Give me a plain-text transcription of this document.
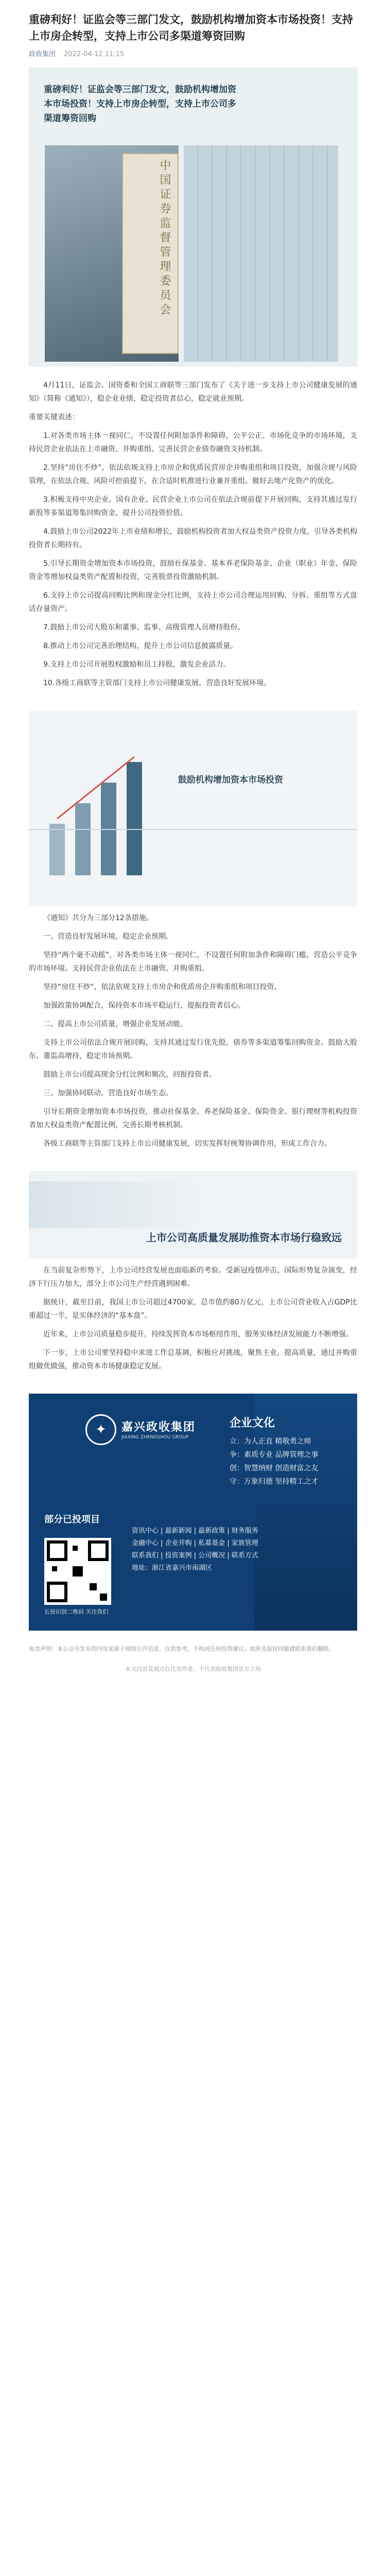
重磅利好！证监会等三部门发文，鼓励机构增加资本市场投资！支持上市房企转型，支持上市公司多渠道筹资回购
政收集团 2022-04-12 11:15
中国证券监督管理委员会
重磅利好！证监会等三部门发文，鼓励机构增加资本市场投资！支持上市房企转型，支持上市公司多渠道筹资回购

4月11日，证监会、国资委和全国工商联等三部门发布了《关于进一步支持上市公司健康发展的通知》（简称《通知》），稳企业业绩，稳定投资者信心，稳定就业预期。

重要关键表述：

1.对各类市场主体一视同仁，不设置任何附加条件和障碍，公平公正、市场化竞争的市场环境，支持民营企业依法在上市融资、并购重组、完善民营企业债券融资支持机制。

2.坚持“房住不炒”，依法依规支持上市房企和优质民营房企并购重组和项目投资，加强合规与风险管理，在依法合规、风险可控前提下，在合适时机推进行业兼并重组、做好去地产化资产的优化。

3.积极支持中央企业、国有企业、民营企业上市公司在依法合规前提下开展回购，支持其通过发行新股等多渠道筹集回购资金，提升公司投资价值。

4.鼓励上市公司2022年上市业绩和增长，鼓励机构投资者加大权益类资产投资力度，引导各类机构投资者长期持有。

5.引导长期资金增加资本市场投资，鼓励社保基金、基本养老保险基金、企业（职业）年金、保险资金等增加权益类资产配置和投资，完善股票投资激励机制。

6.支持上市公司提高回购比例和现金分红比例，支持上市公司合理运用回购、分拆、重组等方式盘活存量资产。

7.鼓励上市公司大股东和董事、监事、高级管理人员增持股份。

8.推动上市公司完善治理结构，提升上市公司信息披露质量。

9.支持上市公司开展股权激励和员工持股，激发企业活力。

10.各级工商联等主管部门支持上市公司健康发展，营造良好发展环境。

鼓励机构增加资本市场投资

《通知》共分为三部分12条措施。

一、营造良好发展环境，稳定企业预期。

坚持“两个毫不动摇”，对各类市场主体一视同仁，不设置任何附加条件和障碍门槛，营造公平竞争的市场环境。支持民营企业依法在上市融资、并购重组。

坚持“房住不炒”，依法依规支持上市房企和优质房企并购重组和项目投资。

加强政策协调配合，保持资本市场平稳运行，提振投资者信心。

二、提高上市公司质量，增强企业发展动能。

支持上市公司依法合规开展回购，支持其通过发行优先股、债券等多渠道筹集回购资金。鼓励大股东、董监高增持，稳定市场预期。

鼓励上市公司提高现金分红比例和频次，回报投资者。

三、加强协同联动，营造良好市场生态。

引导长期资金增加资本市场投资，推动社保基金、养老保险基金、保险资金、银行理财等机构投资者加大权益类资产配置比例，完善长期考核机制。

各级工商联等主管部门支持上市公司健康发展，切实发挥好统筹协调作用，形成工作合力。

上市公司高质量发展助推资本市场行稳致远

在当前复杂形势下，上市公司经营发展也面临新的考验。受新冠疫情冲击，国际形势复杂演变，经济下行压力加大，部分上市公司生产经营遇到困难。

据统计，截至目前，我国上市公司超过4700家，总市值约80万亿元，上市公司营业收入占GDP比重超过一半，是实体经济的“基本盘”。

近年来，上市公司质量稳步提升，持续发挥资本市场枢纽作用，服务实体经济发展能力不断增强。

下一步，上市公司要坚持稳中求进工作总基调，积极应对挑战，聚焦主业，提高质量，通过并购重组做优做强，推动资本市场健康稳定发展。

✦	嘉兴政收集团
JIAXING ZHENGSHOU GROUP
企业文化
立：为人正直 精敬勇之师
争：素质专业 品牌管理之事
创：智慧纳财 创造财富之友
守：万象归德 坚持精工之才
部分已投项目
长按识别二维码 关注我们
资讯中心 | 最新新闻 | 最新政策 | 财务服务
金融中心 | 企业并购 | 私募基金 | 家族管理
联系我们 | 投资案例 | 公司概况 | 联系方式
地址：浙江省嘉兴市南湖区
免责声明：本公众号发布的内容来源于网络公开信息，仅供参考，不构成任何投资建议。如涉及版权问题请联系我们删除。
本文内容及观点仅代表作者，不代表政收集团官方立场
